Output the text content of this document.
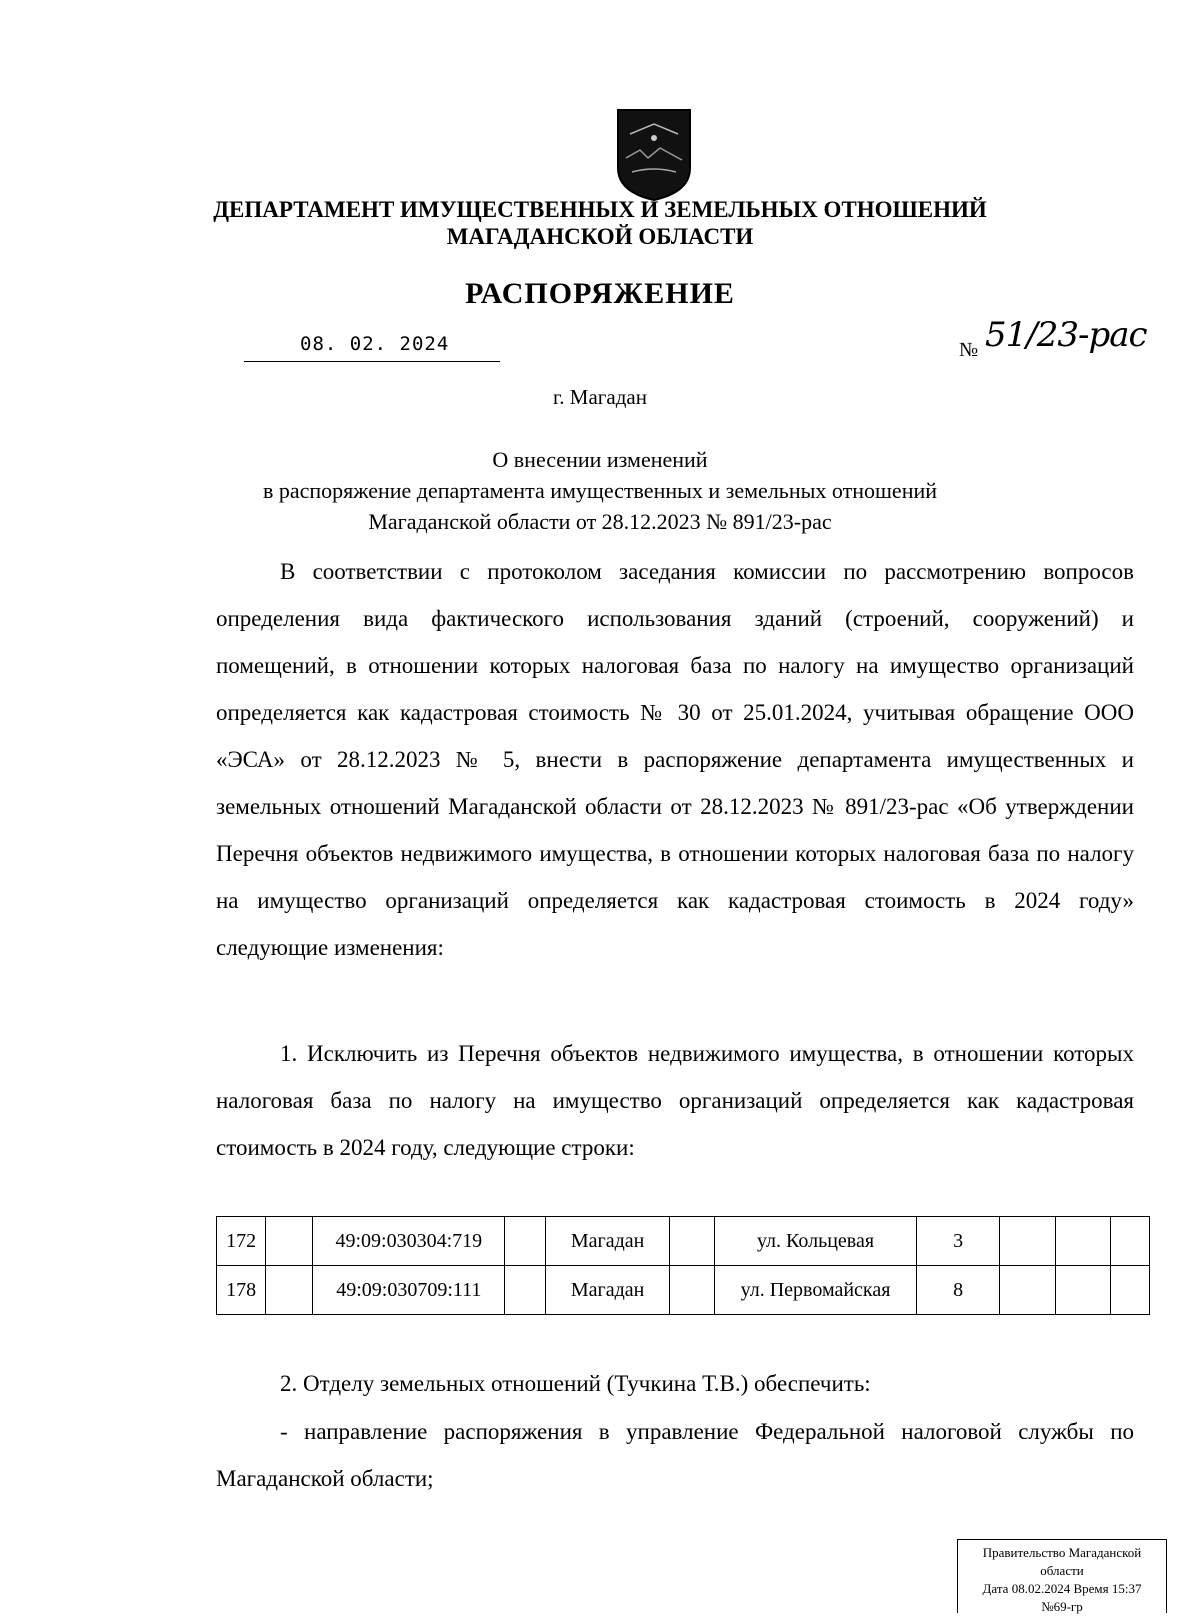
ДЕПАРТАМЕНТ ИМУЩЕСТВЕННЫХ И ЗЕМЕЛЬНЫХ ОТНОШЕНИЙ
МАГАДАНСКОЙ ОБЛАСТИ
РАСПОРЯЖЕНИЕ
08. 02. 2024	№ 51/23-рас
г. Магадан
О внесении изменений
в распоряжение департамента имущественных и земельных отношений
Магаданской области от 28.12.2023 № 891/23-рас
В соответствии с протоколом заседания комиссии по рассмотрению вопросов определения вида фактического использования зданий (строений, сооружений) и помещений, в отношении которых налоговая база по налогу на имущество организаций определяется как кадастровая стоимость № 30 от 25.01.2024, учитывая обращение ООО «ЭСА» от 28.12.2023 № 5, внести в распоряжение департамента имущественных и земельных отношений Магаданской области от 28.12.2023 № 891/23-рас «Об утверждении Перечня объектов недвижимого имущества, в отношении которых налоговая база по налогу на имущество организаций определяется как кадастровая стоимость в 2024 году» следующие изменения:
1. Исключить из Перечня объектов недвижимого имущества, в отношении которых налоговая база по налогу на имущество организаций определяется как кадастровая стоимость в 2024 году, следующие строки:
172		49:09:030304:719		Магадан		ул. Кольцевая	3			
178		49:09:030709:111		Магадан		ул. Первомайская	8			
2. Отделу земельных отношений (Тучкина Т.В.) обеспечить:
- направление распоряжения в управление Федеральной налоговой службы по Магаданской области;
Правительство Магаданской
области
Дата 08.02.2024 Время 15:37
№69-гр
